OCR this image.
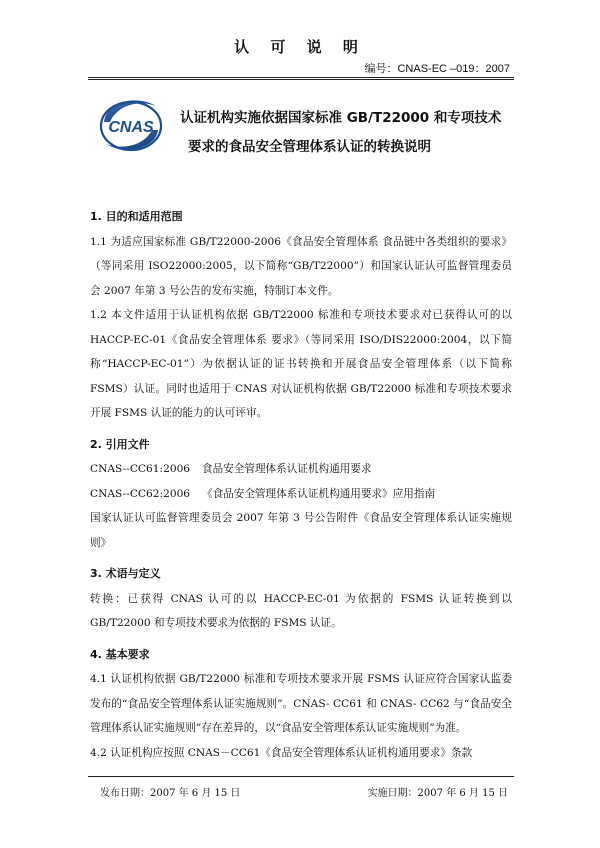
认 可 说 明
编号：CNAS-EC –019：2007
CNAS
认证机构实施依据国家标准 GB/T22000 和专项技术
要求的食品安全管理体系认证的转换说明

1. 目的和适用范围

1.1 为适应国家标准 GB/T22000-2006《食品安全管理体系 食品链中各类组织的要求》（等同采用 ISO22000:2005，以下简称“GB/T22000”）和国家认证认可监督管理委员会 2007 年第 3 号公告的发布实施，特制订本文件。

1.2 本文件适用于认证机构依据 GB/T22000 标准和专项技术要求对已获得认可的以 HACCP-EC-01《食品安全管理体系 要求》（等同采用 ISO/DIS22000:2004，以下简称“HACCP-EC-01”）为依据认证的证书转换和开展食品安全管理体系（以下简称 FSMS）认证。同时也适用于 CNAS 对认证机构依据 GB/T22000 标准和专项技术要求开展 FSMS 认证的能力的认可评审。

2. 引用文件

CNAS--CC61:2006 食品安全管理体系认证机构通用要求

CNAS--CC62:2006 《食品安全管理体系认证机构通用要求》应用指南

国家认证认可监督管理委员会 2007 年第 3 号公告附件《食品安全管理体系认证实施规则》

3. 术语与定义

转换：已获得 CNAS 认可的以 HACCP-EC-01 为依据的 FSMS 认证转换到以 GB/T22000 和专项技术要求为依据的 FSMS 认证。

4. 基本要求

4.1 认证机构依据 GB/T22000 标准和专项技术要求开展 FSMS 认证应符合国家认监委发布的“食品安全管理体系认证实施规则”。CNAS- CC61 和 CNAS- CC62 与“食品安全管理体系认证实施规则”存在差异的，以“食品安全管理体系认证实施规则”为准。

4.2 认证机构应按照 CNAS－CC61《食品安全管理体系认证机构通用要求》条款

发布日期：2007 年 6 月 15 日	实施日期：2007 年 6 月 15 日
